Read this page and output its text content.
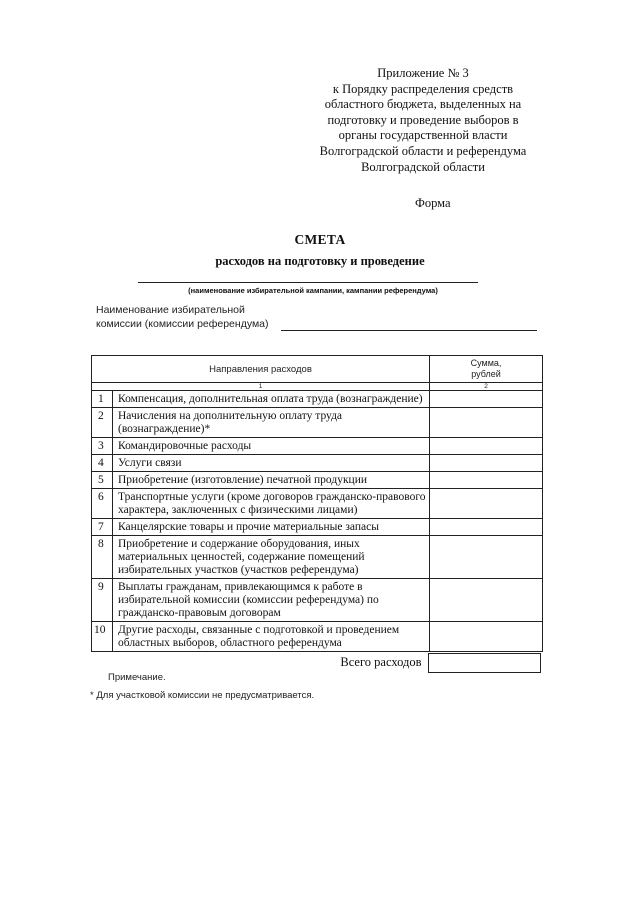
Приложение № 3
к Порядку распределения средств
областного бюджета, выделенных на
подготовку и проведение выборов в
органы государственной власти
Волгоградской области и референдума
Волгоградской области
Форма
СМЕТА
расходов на подготовку и проведение
(наименование избирательной кампании, кампании референдума)
Наименование избирательной
комиссии (комиссии референдума)
Направления расходов		Сумма,
рублей

1		2
1	Компенсация, дополнительная оплата труда (вознаграждение)	
2	Начисления на дополнительную оплату труда (вознаграждение)*	
3	Командировочные расходы	
4	Услуги связи	
5	Приобретение (изготовление) печатной продукции	
6	Транспортные услуги (кроме договоров гражданско-правового характера, заключенных с физическими лицами)	
7	Канцелярские товары и прочие материальные запасы	
8	Приобретение и содержание оборудования, иных материальных ценностей, содержание помещений избирательных участков (участков референдума)	
9	Выплаты гражданам, привлекающимся к работе в избирательной комиссии (комиссии референдума) по гражданско-правовым договорам	
10	Другие расходы, связанные с подготовкой и проведением областных выборов, областного референдума	
Всего расходов		
Примечание.
* Для участковой комиссии не предусматривается.
